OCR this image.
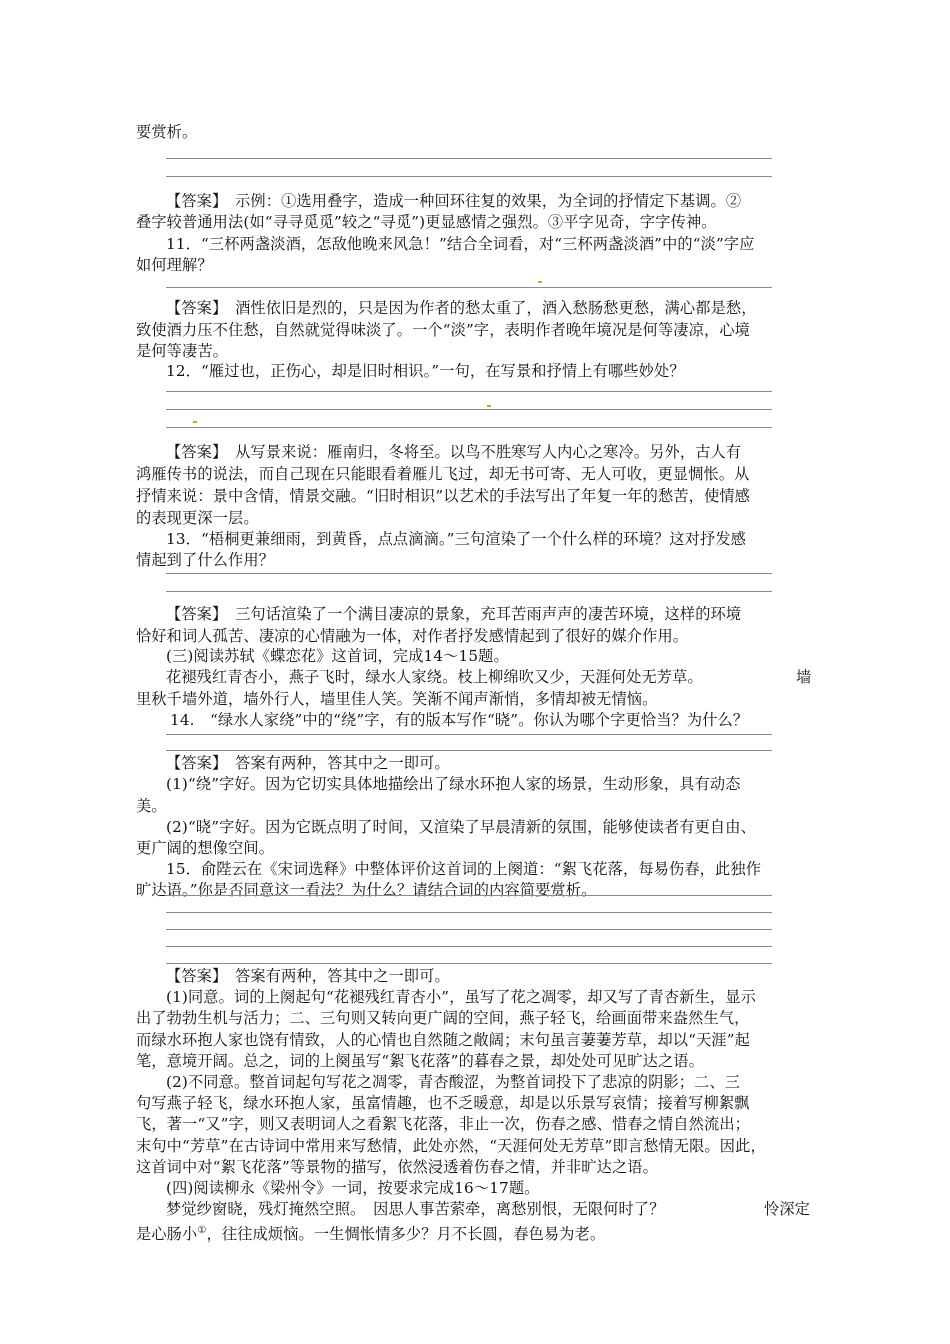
要赏析。
【答案】　示例：①选用叠字，造成一种回环往复的效果，为全词的抒情定下基调。②
叠字较普通用法(如“寻寻觅觅”较之“寻觅”)更显感情之强烈。③平字见奇，字字传神。
11．“三杯两盏淡酒，怎敌他晚来风急！”结合全词看，对“三杯两盏淡酒”中的“淡”字应
如何理解？
【答案】　酒性依旧是烈的，只是因为作者的愁太重了，酒入愁肠愁更愁，满心都是愁，
致使酒力压不住愁，自然就觉得味淡了。一个“淡”字，表明作者晚年境况是何等凄凉，心境
是何等凄苦。
12．“雁过也，正伤心，却是旧时相识。”一句，在写景和抒情上有哪些妙处？
【答案】　从写景来说：雁南归，冬将至。以鸟不胜寒写人内心之寒冷。另外，古人有
鸿雁传书的说法，而自己现在只能眼看着雁儿飞过，却无书可寄、无人可收，更显惆怅。从
抒情来说：景中含情，情景交融。“旧时相识”以艺术的手法写出了年复一年的愁苦，使情感
的表现更深一层。
13．“梧桐更兼细雨，到黄昏，点点滴滴。”三句渲染了一个什么样的环境？这对抒发感
情起到了什么作用？
【答案】　三句话渲染了一个满目凄凉的景象，充耳苦雨声声的凄苦环境，这样的环境
恰好和词人孤苦、凄凉的心情融为一体，对作者抒发感情起到了很好的媒介作用。
(三)阅读苏轼《蝶恋花》这首词，完成14～15题。
花褪残红青杏小，燕子飞时，绿水人家绕。枝上柳绵吹又少，天涯何处无芳草。	墙
里秋千墙外道，墙外行人，墙里佳人笑。笑渐不闻声渐悄，多情却被无情恼。
14.　“绿水人家绕”中的“绕”字，有的版本写作“晓”。你认为哪个字更恰当？为什么？
【答案】　答案有两种，答其中之一即可。
(1)“绕”字好。因为它切实具体地描绘出了绿水环抱人家的场景，生动形象，具有动态
美。
(2)“晓”字好。因为它既点明了时间，又渲染了早晨清新的氛围，能够使读者有更自由、
更广阔的想像空间。
15．俞陛云在《宋词选释》中整体评价这首词的上阕道：“絮飞花落，每易伤春，此独作
旷达语。”你是否同意这一看法？为什么？请结合词的内容简要赏析。
【答案】　答案有两种，答其中之一即可。
(1)同意。词的上阕起句“花褪残红青杏小”，虽写了花之凋零，却又写了青杏新生，显示
出了勃勃生机与活力；二、三句则又转向更广阔的空间，燕子轻飞，给画面带来盎然生气，
而绿水环抱人家也饶有情致，人的心情也自然随之敞阔；末句虽言萋萋芳草，却以“天涯”起
笔，意境开阔。总之，词的上阕虽写“絮飞花落”的暮春之景，却处处可见旷达之语。
(2)不同意。整首词起句写花之凋零，青杏酸涩，为整首词投下了悲凉的阴影；二、三
句写燕子轻飞，绿水环抱人家，虽富情趣，也不乏暖意，却是以乐景写哀情；接着写柳絮飘
飞，著一“又”字，则又表明词人之看絮飞花落，非止一次，伤春之感、惜春之情自然流出；
末句中“芳草”在古诗词中常用来写愁情，此处亦然，“天涯何处无芳草”即言愁情无限。因此，
这首词中对“絮飞花落”等景物的描写，依然浸透着伤春之情，并非旷达之语。
(四)阅读柳永《梁州令》一词，按要求完成16～17题。
梦觉纱窗晓，残灯掩然空照。　因思人事苦萦牵，离愁别恨，无限何时了？	怜深定
是心肠小①，往往成烦恼。一生惆怅情多少？月不长圆，春色易为老。
